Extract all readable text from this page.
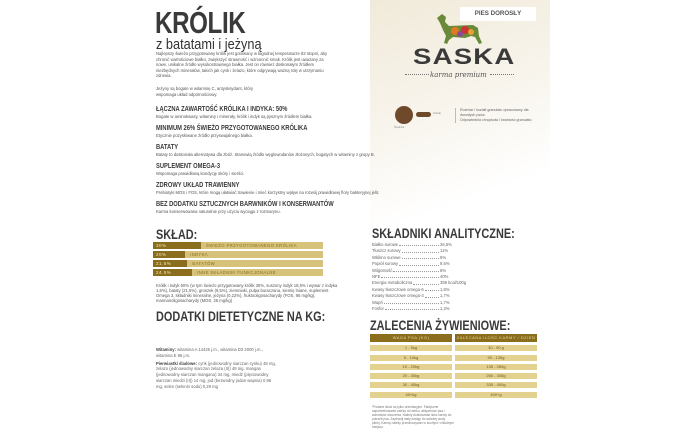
KRÓLIK
z batatami i jeżyną
Najlepszy świeżo przygotowany królik jest gotowany w łagodnej temperaturze 82 stopni, aby chronić wartościowe białko, zwiększyć strawność i wzmocnić smak. Królik jest uważany za nowe, unikalne źródło wysokostrawnego białka. Jest on również doskonałym źródłem niezbędnych minerałów, takich jak cynk i żelazo, które odgrywają ważną rolę w utrzymaniu zdrowia.
Jeżyny są bogate w witaminę C, antyoksydant, który wspomaga układ odpornościowy.
ŁĄCZNA ZAWARTOŚĆ KRÓLIKA I INDYKA: 50%
Bogate w aminokwasy, witaminy i minerały, królik i indyk są pysznym źródłem białka.
MINIMUM 26% ŚWIEŻO PRZYGOTOWANEGO KRÓLIKA
Etycznie pozyskiwane źródło przyswajalnego białka.
BATATY
Bataty to doskonała alternatywa dla zbóż. Stanowią źródło węglowodanów złożonych, bogatych w witaminy z grupy B.
SUPLEMENT OMEGA-3
Wspomaga prawidłową kondycję skóry i sierści.
ZDROWY UKŁAD TRAWIENNY
Prebiotyki MOS i FOS, które mogą ułatwiać trawienie i mieć korzystny wpływ na rozwój prawidłowej flory bakteryjnej jelit.
BEZ DODATKU SZTUCZNYCH BARWNIKÓW I KONSERWANTÓW
Karma konserwowana naturalnie przy użyciu wyciągu z rozmarynu.
PIES DOROSŁY
SASKA
karma premium
Średnica
Kształt
Rozmiar i kształt granulatu opracowany dla dorosłych psów
Odpowiednia chrupkość i twardość granulatu
SKŁAD:
30%	ŚWIEŻO PRZYGOTOWANEGO KRÓLIKA
20%	INDYKA
21.5%	BATATÓW
24.5%	INNE SKŁADNIKI FUNKCJONALNE
Królik i indyk 50% (w tym świeżo przygotowany królik 30%, suszony indyk 18,5% i wywar z indyka 1,5%), bataty (21,5%), groszek (9,5%), ziemniaki, pulpa buraczana, siemię lniane, suplement Omega 3, składniki mineralne, jeżyna (0,22%), fruktooligosacharydy (FOS, 95 mg/kg), mannanoligosacharydy (MOS, 25 mg/kg)
DODATKI DIETETYCZNE NA KG:
Witaminy: witamina A 14425 j.m., witamina D3 2000 j.m., witamina E 96 j.m.
Pierwiastki śladowe: cynk (jednowodny siarczan cynku) 48 mg, żelazo (jednowodny siarczan żelaza (II)) 48 mg, mangan (jednowodny siarczan manganu) 34 mg, miedź (pięciowodny siarczan miedzi (II)) 14 mg, jod (bezwodny jodan wapnia) 0,96 mg, selen (selenin sodu) 0,29 mg
SKŁADNIKI ANALITYCZNE:
Białko surowe	26,5%
Tłuszcz surowy	11%
Włókno surowe	5%
Popiół surowy	9,5%
Wilgotność	8%
NFE	40%
Energia metaboliczna	359 kcal/100g
Kwasy tłuszczowe omega-6	1,8%
Kwasy tłuszczowe omega-3	1,7%
Wapń	1,7%
Fosfor	1,3%
ZALECENIA ŻYWIENIOWE:
WAGA PSA (KG)	ZALECANA ILOŚĆ KARMY / DZIEŃ
1 - 5kg	30 - 90 g
5 - 10kg	90 - 135g
10 - 20kg	135 - 260g
20 - 30kg	260 - 335g
30 - 40kg	335 - 400g
40+kg	400+g
*Podane ilości są tylko orientacyjne. Faktyczne zapotrzebowanie zależy od wieku, aktywności psa i warunków otoczenia. Należy dostosować ilość karmy do potrzeb psa. Zapewnij stały dostęp do świeżej wody pitnej. Karmę należy przechowywać w suchym i chłodnym miejscu.
